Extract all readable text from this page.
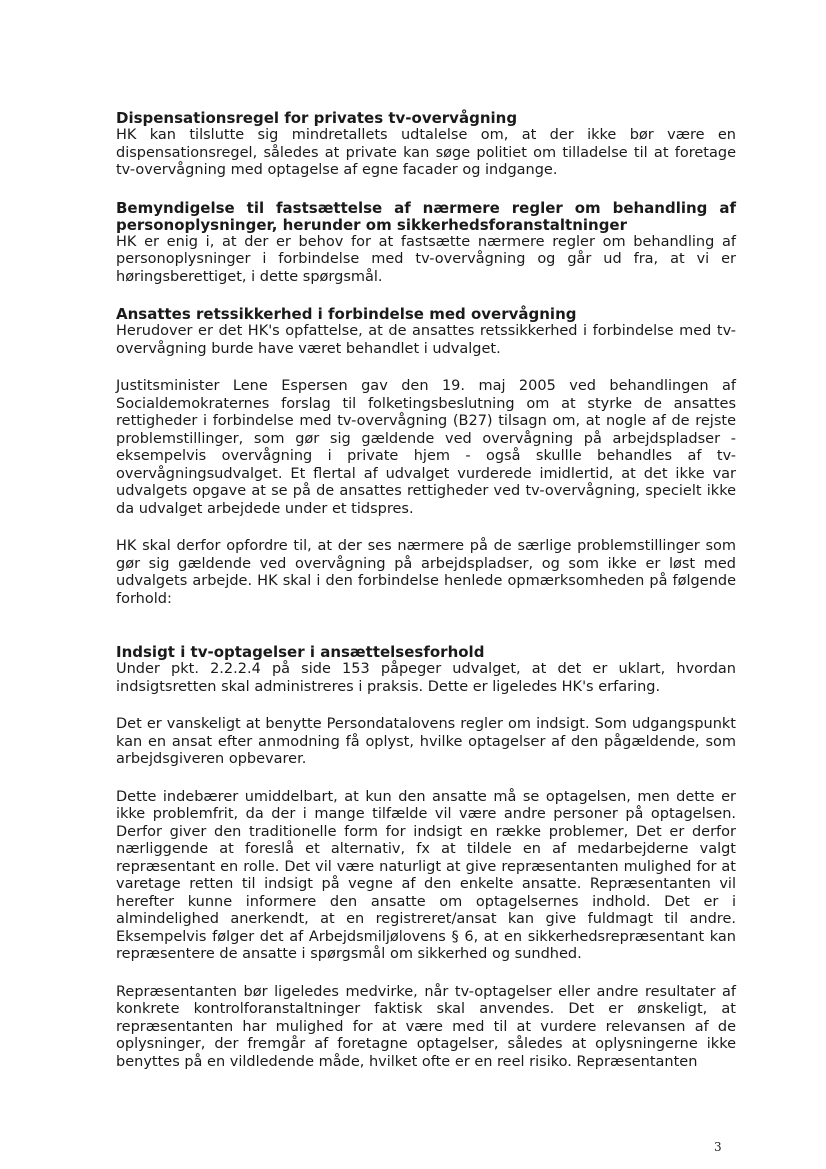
Dispensationsregel for privates tv-overvågning

HK kan tilslutte sig mindretallets udtalelse om, at der ikke bør være en dispensationsregel, således at private kan søge politiet om tilladelse til at foretage tv-overvågning med optagelse af egne facader og indgange.

Bemyndigelse til fastsættelse af nærmere regler om behandling af personoplysninger, herunder om sikkerhedsforanstaltninger

HK er enig i, at der er behov for at fastsætte nærmere regler om behandling af personoplysninger i forbindelse med tv-overvågning og går ud fra, at vi er høringsberettiget, i dette spørgsmål.

Ansattes retssikkerhed i forbindelse med overvågning

Herudover er det HK's opfattelse, at de ansattes retssikkerhed i forbindelse med tv-overvågning burde have været behandlet i udvalget.

Justitsminister Lene Espersen gav den 19. maj 2005 ved behandlingen af Socialdemokraternes forslag til folketingsbeslutning om at styrke de ansattes rettigheder i forbindelse med tv-overvågning (B27) tilsagn om, at nogle af de rejste problemstillinger, som gør sig gældende ved overvågning på arbejdspladser - eksempelvis overvågning i private hjem - også skullle behandles af tv-overvågningsudvalget. Et flertal af udvalget vurderede imidlertid, at det ikke var udvalgets opgave at se på de ansattes rettigheder ved tv-overvågning, specielt ikke da udvalget arbejdede under et tidspres.

HK skal derfor opfordre til, at der ses nærmere på de særlige problemstillinger som gør sig gældende ved overvågning på arbejdspladser, og som ikke er løst med udvalgets arbejde. HK skal i den forbindelse henlede opmærksomheden på følgende forhold:

Indsigt i tv-optagelser i ansættelsesforhold

Under pkt. 2.2.2.4 på side 153 påpeger udvalget, at det er uklart, hvordan indsigtsretten skal administreres i praksis. Dette er ligeledes HK's erfaring.

Det er vanskeligt at benytte Persondatalovens regler om indsigt. Som udgangspunkt kan en ansat efter anmodning få oplyst, hvilke optagelser af den pågældende, som arbejdsgiveren opbevarer.

Dette indebærer umiddelbart, at kun den ansatte må se optagelsen, men dette er ikke problemfrit, da der i mange tilfælde vil være andre personer på optagelsen. Derfor giver den traditionelle form for indsigt en række problemer, Det er derfor nærliggende at foreslå et alternativ, fx at tildele en af medarbejderne valgt repræsentant en rolle. Det vil være naturligt at give repræsentanten mulighed for at varetage retten til indsigt på vegne af den enkelte ansatte. Repræsentanten vil herefter kunne informere den ansatte om optagelsernes indhold. Det er i almindelighed anerkendt, at en registreret/ansat kan give fuldmagt til andre. Eksempelvis følger det af Arbejdsmiljølovens § 6, at en sikkerhedsrepræsentant kan repræsentere de ansatte i spørgsmål om sikkerhed og sundhed.

Repræsentanten bør ligeledes medvirke, når tv-optagelser eller andre resultater af konkrete kontrolforanstaltninger faktisk skal anvendes. Det er ønskeligt, at repræsentanten har mulighed for at være med til at vurdere relevansen af de oplysninger, der fremgår af foretagne optagelser, således at oplysningerne ikke benyttes på en vildledende måde, hvilket ofte er en reel risiko. Repræsentanten

3
